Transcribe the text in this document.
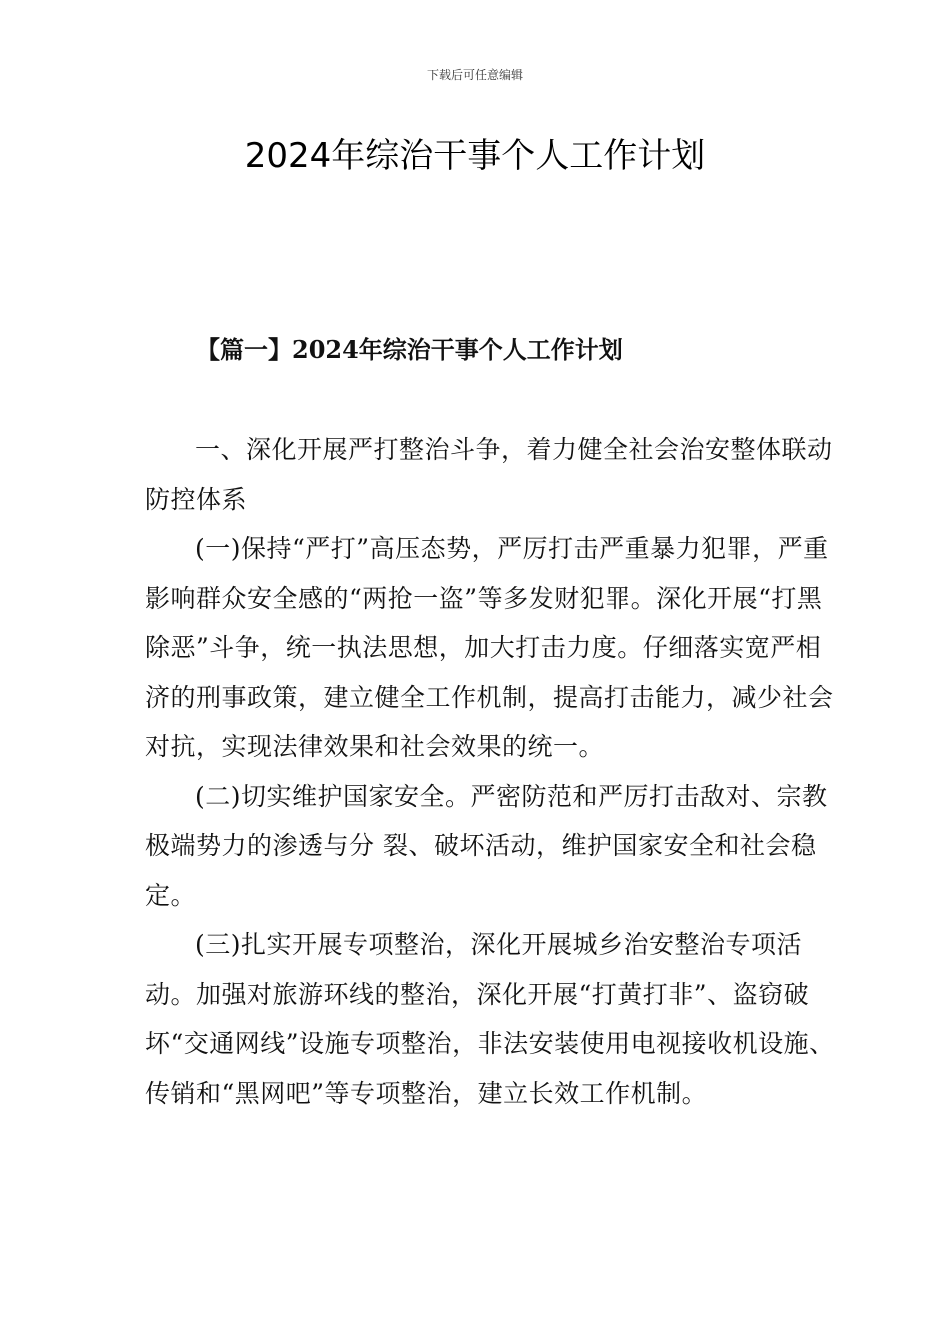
下载后可任意编辑
2024年综治干事个人工作计划
【篇一】2024年综治干事个人工作计划

一、深化开展严打整治斗争，着力健全社会治安整体联动防控体系

(一)保持“严打”高压态势，严厉打击严重暴力犯罪，严重影响群众安全感的“两抢一盗”等多发财犯罪。深化开展“打黑除恶”斗争，统一执法思想，加大打击力度。仔细落实宽严相济的刑事政策，建立健全工作机制，提高打击能力，减少社会对抗，实现法律效果和社会效果的统一。

(二)切实维护国家安全。严密防范和严厉打击敌对、宗教极端势力的渗透与分 裂、破坏活动，维护国家安全和社会稳定。

(三)扎实开展专项整治，深化开展城乡治安整治专项活动。加强对旅游环线的整治，深化开展“打黄打非”、盗窃破坏“交通网线”设施专项整治，非法安装使用电视接收机设施、传销和“黑网吧”等专项整治，建立长效工作机制。
